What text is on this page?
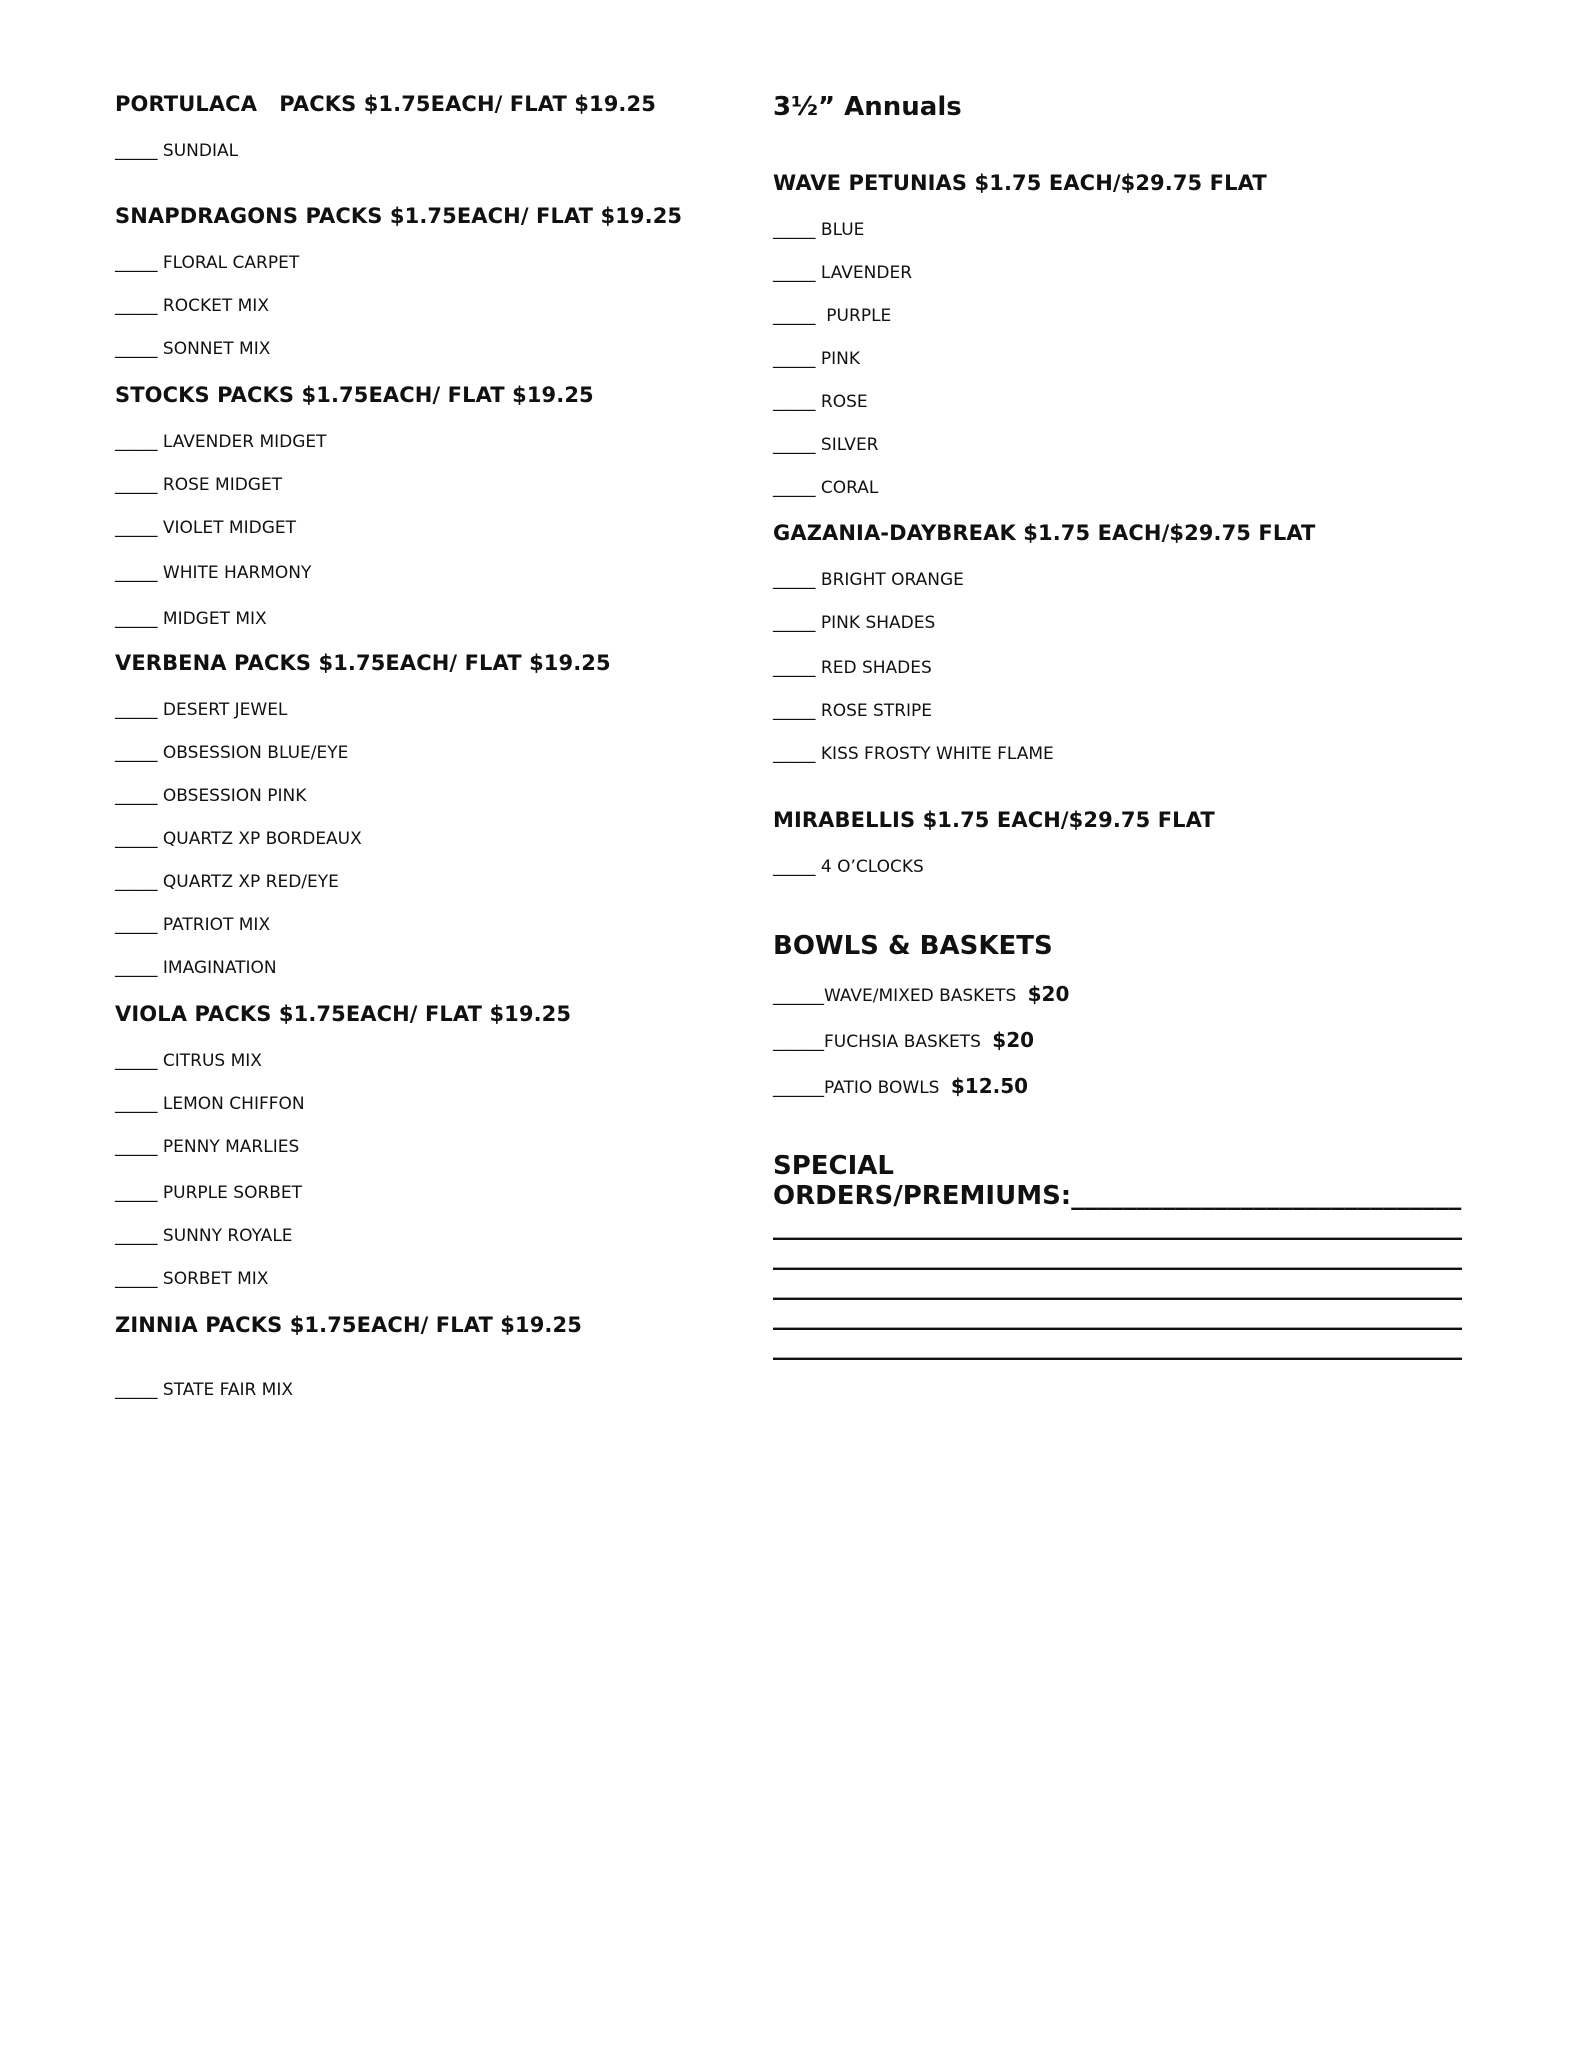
PORTULACA   PACKS $1.75EACH/ FLAT $19.25
_____ SUNDIAL
SNAPDRAGONS PACKS $1.75EACH/ FLAT $19.25
_____ FLORAL CARPET
_____ ROCKET MIX
_____ SONNET MIX
STOCKS PACKS $1.75EACH/ FLAT $19.25
_____ LAVENDER MIDGET
_____ ROSE MIDGET
_____ VIOLET MIDGET
_____ WHITE HARMONY
_____ MIDGET MIX
VERBENA PACKS $1.75EACH/ FLAT $19.25
_____ DESERT JEWEL
_____ OBSESSION BLUE/EYE
_____ OBSESSION PINK
_____ QUARTZ XP BORDEAUX
_____ QUARTZ XP RED/EYE
_____ PATRIOT MIX
_____ IMAGINATION
VIOLA PACKS $1.75EACH/ FLAT $19.25
_____ CITRUS MIX
_____ LEMON CHIFFON
_____ PENNY MARLIES
_____ PURPLE SORBET
_____ SUNNY ROYALE
_____ SORBET MIX
ZINNIA PACKS $1.75EACH/ FLAT $19.25
_____ STATE FAIR MIX
3½” Annuals
WAVE PETUNIAS $1.75 EACH/$29.75 FLAT
_____ BLUE
_____ LAVENDER
_____  PURPLE
_____ PINK
_____ ROSE
_____ SILVER
_____ CORAL
GAZANIA-DAYBREAK $1.75 EACH/$29.75 FLAT
_____ BRIGHT ORANGE
_____ PINK SHADES
_____ RED SHADES
_____ ROSE STRIPE
_____ KISS FROSTY WHITE FLAME
MIRABELLIS $1.75 EACH/$29.75 FLAT
_____ 4 O’CLOCKS
BOWLS & BASKETS
______WAVE/MIXED BASKETS $20
______FUCHSIA BASKETS $20
______PATIO BOWLS $12.50
SPECIAL
ORDERS/PREMIUMS:______________________________
_____________________________________________________
_____________________________________________________
_____________________________________________________
_____________________________________________________
_____________________________________________________
